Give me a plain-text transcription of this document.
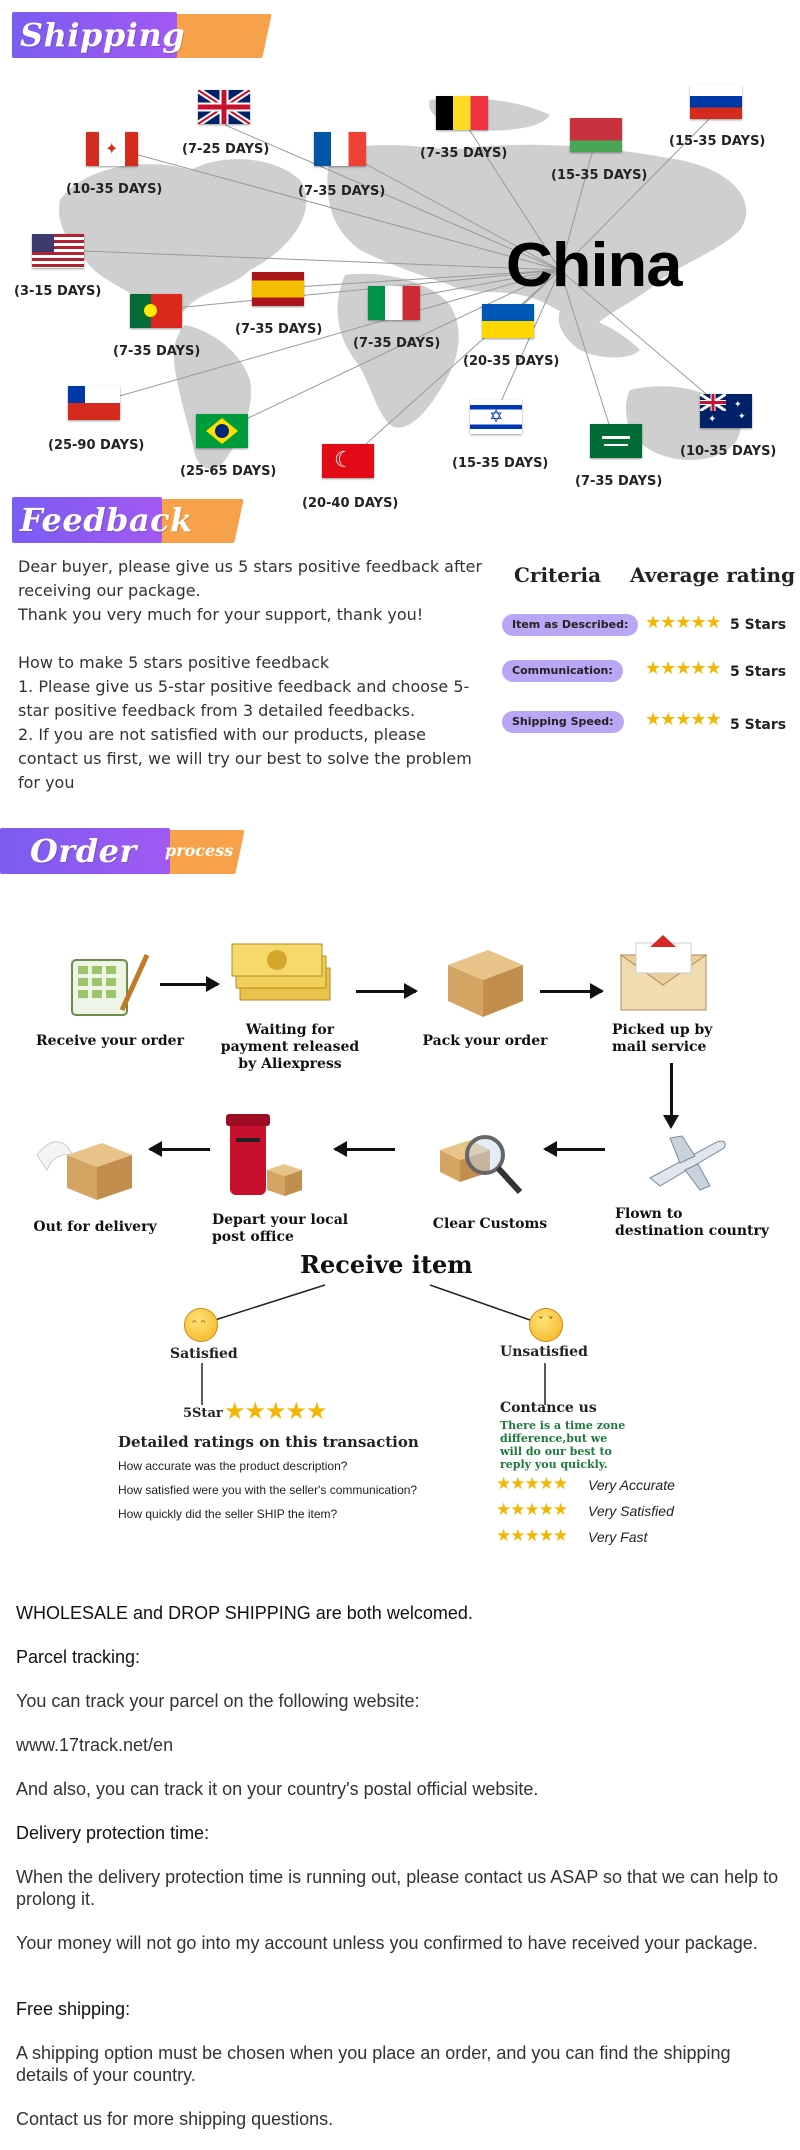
Shipping
China
✦
(10-35 DAYS)
(7-25 DAYS)
(7-35 DAYS)
(7-35 DAYS)
(15-35 DAYS)
(15-35 DAYS)
(3-15 DAYS)
(7-35 DAYS)
(7-35 DAYS)
(7-35 DAYS)
(20-35 DAYS)
(25-90 DAYS)
(25-65 DAYS)	☾
(20-40 DAYS)
✡
(15-35 DAYS)
(7-35 DAYS)
✦
✦
✦
(10-35 DAYS)
Feedback

Dear buyer, please give us 5 stars positive feedback after receiving our package.

Thank you very much for your support, thank you!

How to make 5 stars positive feedback

1. Please give us 5-star positive feedback and choose 5-star positive feedback from 3 detailed feedbacks.

2. If you are not satisfied with our products, please contact us first, we will try our best to solve the problem for you

Criteria Average rating
Item as Described: ★★★★★ 5 Stars
Communication:	★★★★★ 5 Stars
Shipping Speed:	★★★★★ 5 Stars
Order process
Receive your order
Waiting for payment released by Aliexpress
Pack your order
Picked up by mail service
Flown to destination country
Clear Customs
Depart your local post office
Out for delivery
Receive item
ᵔ ᵔ
Satisfied
ˇ ˇ
Unsatisfied
5Star ★★★★★
Detailed ratings on this transaction
How accurate was the product description?
How satisfied were you with the seller's communication?
How quickly did the seller SHIP the item?
Contance us
There is a time zone difference,but we will do our best to reply you quickly.
★★★★★ Very Accurate
★★★★★ Very Satisfied
★★★★★ Very Fast
WHOLESALE and DROP SHIPPING are both welcomed.
Parcel tracking:
You can track your parcel on the following website:
www.17track.net/en
And also, you can track it on your country's postal official website.
Delivery protection time:
When the delivery protection time is running out, please contact us ASAP so that we can help to prolong it.
Your money will not go into my account unless you confirmed to have received your package.
Free shipping:
A shipping option must be chosen when you place an order, and you can find the shipping details of your country.
Contact us for more shipping questions.
